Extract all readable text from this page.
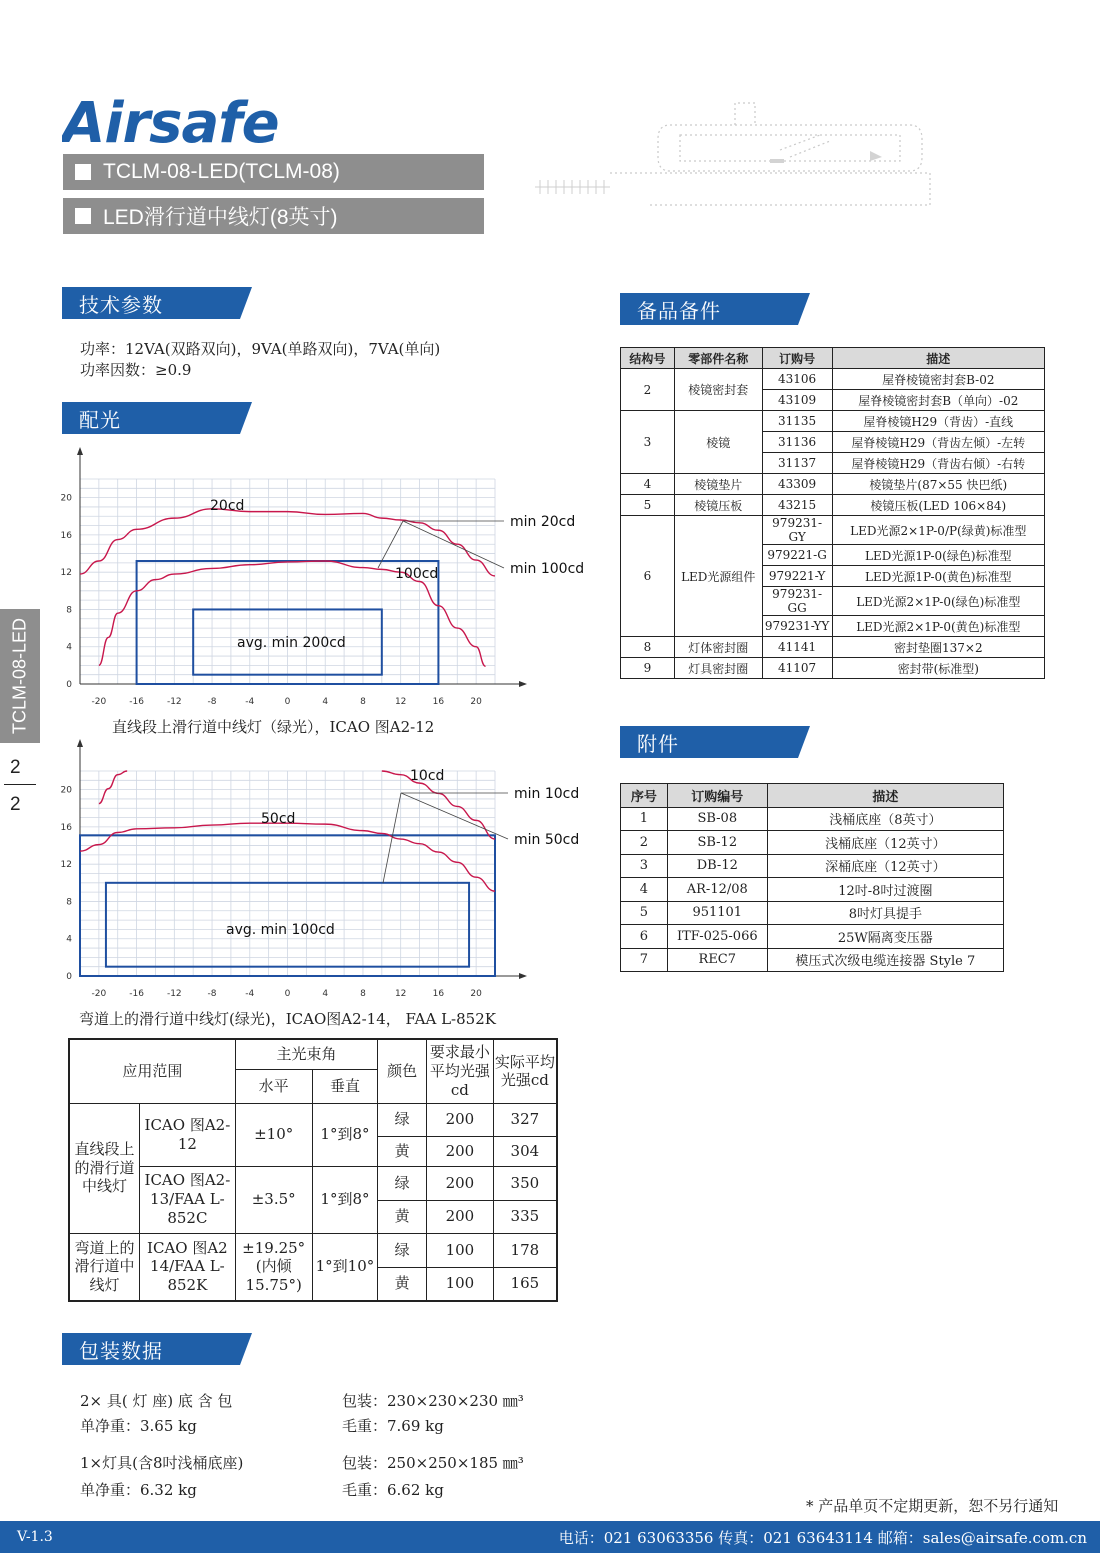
Airsafe
TCLM-08-LED(TCLM-08)
LED滑行道中线灯(8英寸)
TCLM-08-LED
2
2
技术参数
功率：12VA(双路双向)，9VA(单路双向)，7VA(单向)
功率因数：≥0.9
配光
-20	-16	-12	-8	-4	0	4	8	12	16	20
0
4
8
12
16
20	20cd
100cd
min 20cd
min 100cd
avg. min 200cd
直线段上滑行道中线灯（绿光），ICAO 图A2-12
-20	-16	-12	-8	-4	0	4	8	12	16	20
0
4
8
12
16
20
10cd
50cd
min 10cd
min 50cd
avg. min 100cd
弯道上的滑行道中线灯(绿光)，ICAO图A2-14， FAA L-852K
应用范围		主光束角		颜色	要求最小平均光强cd	实际平均光强cd
		水平	垂直			
直线段上的滑行道中线灯	ICAO 图A2-12	±10°	1°到8°	绿	200	327
				黄	200	304
	ICAO 图A2-13/FAA L-852C	±3.5°	1°到8°	绿	200	350
				黄	200	335
弯道上的滑行道中线灯	ICAO 图A2 14/FAA L-852K	±19.25°(内倾15.75°)	1°到10°	绿	100	178
				黄	100	165
包装数据
2× 具( 灯 座) 底 含 包	包装：230×230×230 ㎜³
单净重：3.65 kg	毛重：7.69 kg
1×灯具(含8吋浅桶底座)	包装：250×250×185 ㎜³
单净重：6.32 kg	毛重：6.62 kg
备品备件
结构号	零部件名称	订购号	描述
2	棱镜密封套	43106	屋脊棱镜密封套B-02
		43109	屋脊棱镜密封套B（单向）-02
3	棱镜	31135	屋脊棱镜H29（背齿）-直线
		31136	屋脊棱镜H29（背齿左倾）-左转
		31137	屋脊棱镜H29（背齿右倾）-右转
4	棱镜垫片	43309	棱镜垫片(87×55 快巴纸)
5	棱镜压板	43215	棱镜压板(LED 106×84)
6	LED光源组件	979231-GY	LED光源2×1P-0/P(绿黄)标准型
		979221-G	LED光源1P-0(绿色)标准型
		979221-Y	LED光源1P-0(黄色)标准型
		979231-GG	LED光源2×1P-0(绿色)标准型
		979231-YY	LED光源2×1P-0(黄色)标准型
8	灯体密封圈	41141	密封垫圈137×2
9	灯具密封圈	41107	密封带(标准型)
附件
序号	订购编号	描述
1	SB-08	浅桶底座（8英寸）
2	SB-12	浅桶底座（12英寸）
3	DB-12	深桶底座（12英寸）
4	AR-12/08	12吋-8吋过渡圈
5	951101	8吋灯具提手
6	ITF-025-066	25W隔离变压器
7	REC7	模压式次级电缆连接器 Style 7
* 产品单页不定期更新，恕不另行通知
V-1.3	电话：021 63063356 传真：021 63643114 邮箱：sales@airsafe.com.cn
